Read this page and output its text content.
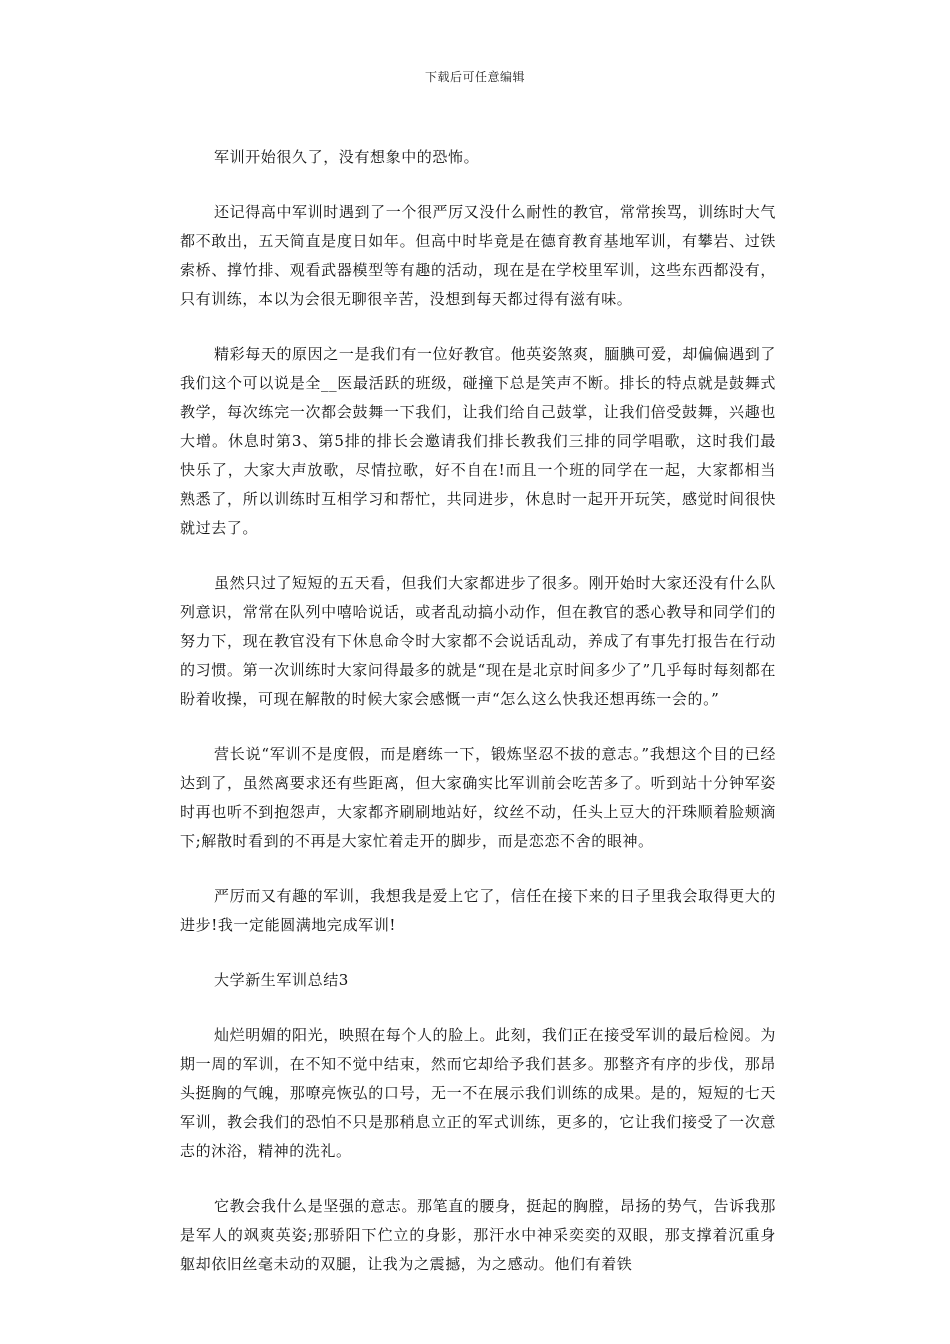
下载后可任意编辑

军训开始很久了，没有想象中的恐怖。

还记得高中军训时遇到了一个很严厉又没什么耐性的教官，常常挨骂，训练时大气都不敢出，五天简直是度日如年。但高中时毕竟是在德育教育基地军训，有攀岩、过铁索桥、撑竹排、观看武器模型等有趣的活动，现在是在学校里军训，这些东西都没有，只有训练，本以为会很无聊很辛苦，没想到每天都过得有滋有味。

精彩每天的原因之一是我们有一位好教官。他英姿煞爽，腼腆可爱，却偏偏遇到了我们这个可以说是全__医最活跃的班级，碰撞下总是笑声不断。排长的特点就是鼓舞式教学，每次练完一次都会鼓舞一下我们，让我们给自己鼓掌，让我们倍受鼓舞，兴趣也大增。休息时第3、第5排的排长会邀请我们排长教我们三排的同学唱歌，这时我们最快乐了，大家大声放歌，尽情拉歌，好不自在!而且一个班的同学在一起，大家都相当熟悉了，所以训练时互相学习和帮忙，共同进步，休息时一起开开玩笑，感觉时间很快就过去了。

虽然只过了短短的五天看，但我们大家都进步了很多。刚开始时大家还没有什么队列意识，常常在队列中嘻哈说话，或者乱动搞小动作，但在教官的悉心教导和同学们的努力下，现在教官没有下休息命令时大家都不会说话乱动，养成了有事先打报告在行动的习惯。第一次训练时大家问得最多的就是“现在是北京时间多少了”几乎每时每刻都在盼着收操，可现在解散的时候大家会感慨一声“怎么这么快我还想再练一会的。”

营长说“军训不是度假，而是磨练一下，锻炼坚忍不拔的意志。”我想这个目的已经达到了，虽然离要求还有些距离，但大家确实比军训前会吃苦多了。听到站十分钟军姿时再也听不到抱怨声，大家都齐刷刷地站好，纹丝不动，任头上豆大的汗珠顺着脸颊滴下;解散时看到的不再是大家忙着走开的脚步，而是恋恋不舍的眼神。

严厉而又有趣的军训，我想我是爱上它了，信任在接下来的日子里我会取得更大的进步!我一定能圆满地完成军训!

大学新生军训总结3

灿烂明媚的阳光，映照在每个人的脸上。此刻，我们正在接受军训的最后检阅。为期一周的军训，在不知不觉中结束，然而它却给予我们甚多。那整齐有序的步伐，那昂头挺胸的气魄，那嘹亮恢弘的口号，无一不在展示我们训练的成果。是的，短短的七天军训，教会我们的恐怕不只是那稍息立正的军式训练，更多的，它让我们接受了一次意志的沐浴，精神的洗礼。

它教会我什么是坚强的意志。那笔直的腰身，挺起的胸膛，昂扬的势气，告诉我那是军人的飒爽英姿;那骄阳下伫立的身影，那汗水中神采奕奕的双眼，那支撑着沉重身躯却依旧丝毫未动的双腿，让我为之震撼，为之感动。他们有着铁
